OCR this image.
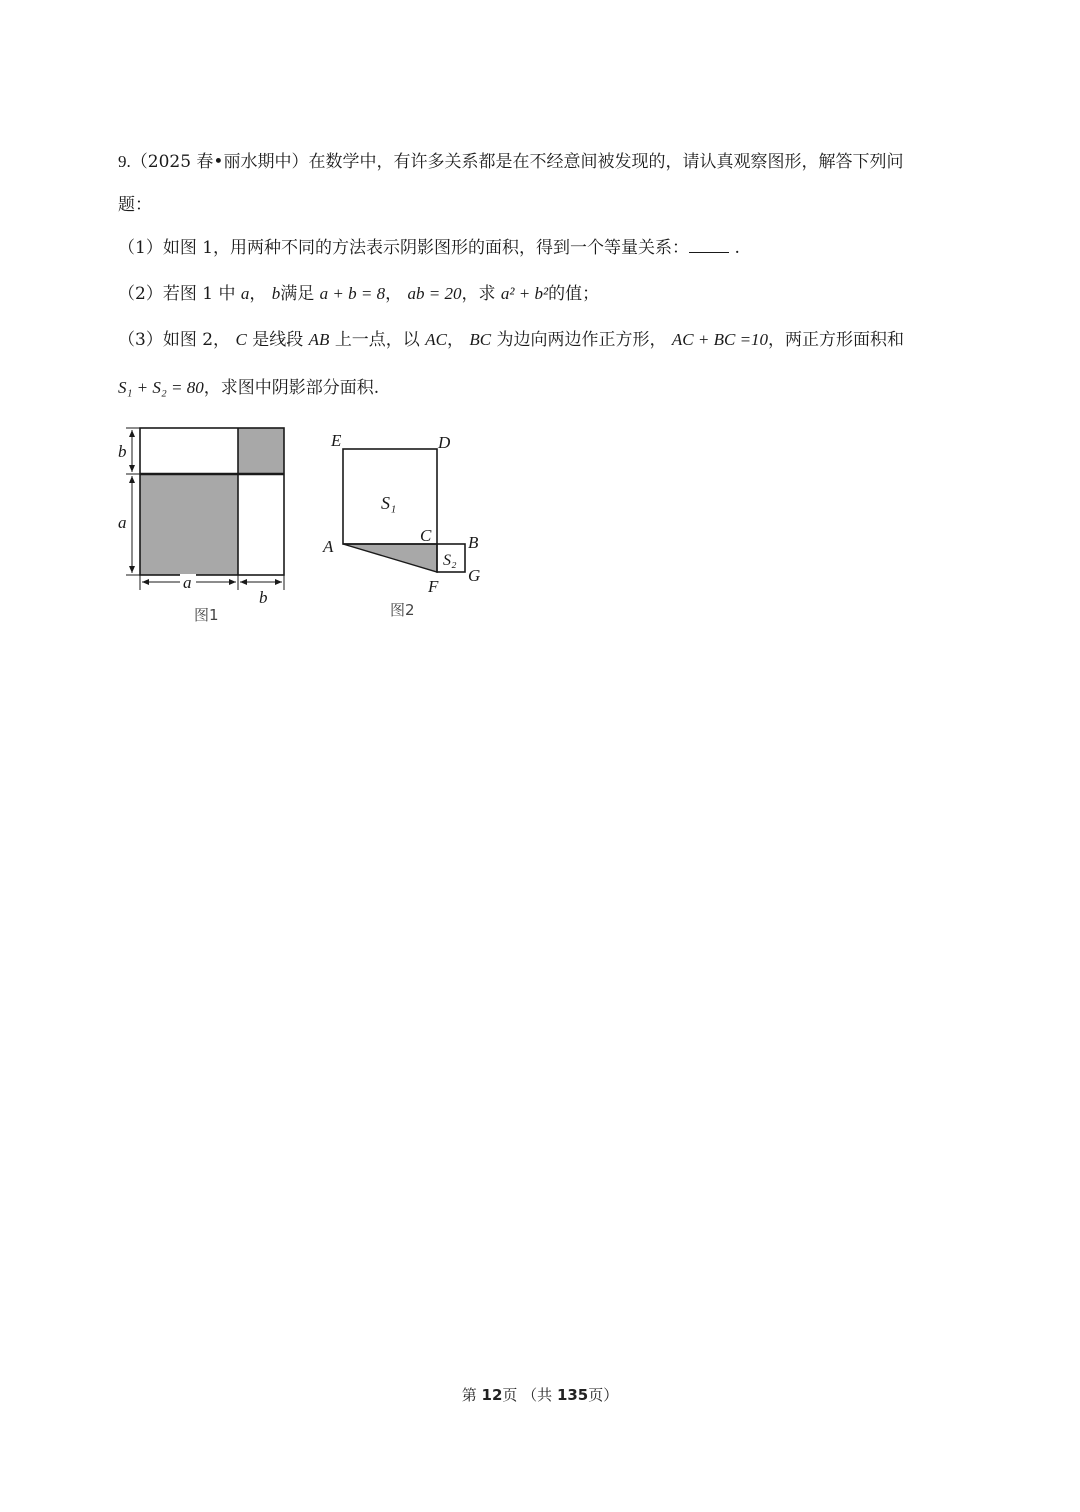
9.（2025 春•丽水期中）在数学中，有许多关系都是在不经意间被发现的，请认真观察图形，解答下列问
题：
（1）如图 1，用两种不同的方法表示阴影图形的面积，得到一个等量关系： .
（2）若图 1 中 a， b满足 a + b = 8， ab = 20，求 a² + b²的值；
（3）如图 2， C 是线段 AB 上一点，以 AC， BC 为边向两边作正方形， AC + BC =10，两正方形面积和
S₁ + S₂ = 80，求图中阴影部分面积.
b
a
a
b
图1
E	D
S₁
A
C B
S₂
G
F
图2
第 12页 （共 135页）
